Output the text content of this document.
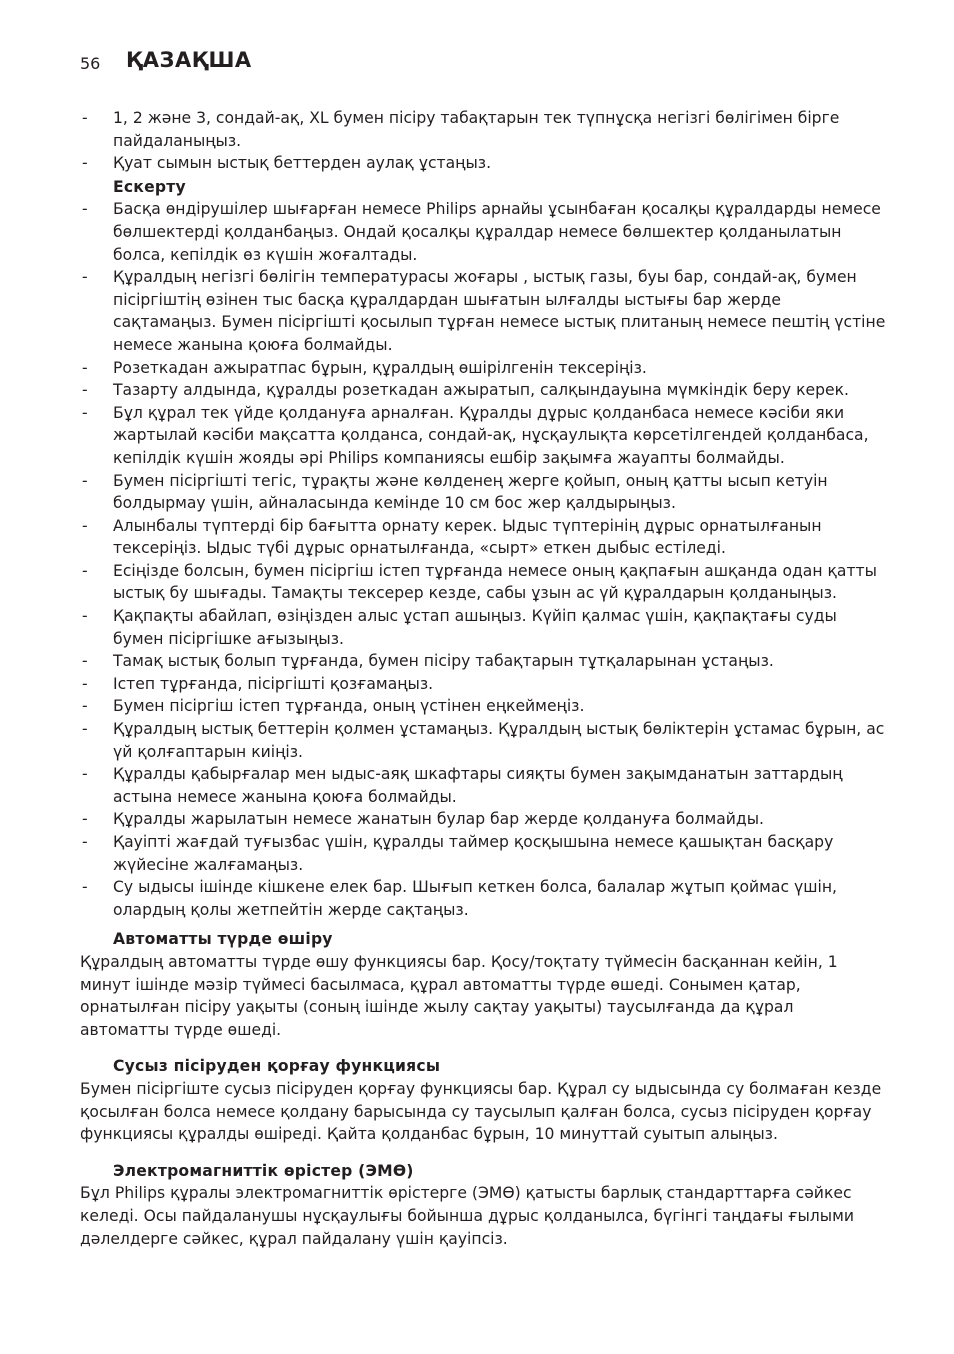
56 ҚАЗАҚША
- 1, 2 және 3, сондай-ақ, XL бумен пісіру табақтарын тек түпнұсқа негізгі бөлігімен бірге пайдаланыңыз.
- Қуат сымын ыстық беттерден аулақ ұстаңыз.
Ескерту
- Басқа өндірушілер шығарған немесе Philips арнайы ұсынбаған қосалқы құралдарды немесе бөлшектерді қолданбаңыз. Ондай қосалқы құралдар немесе бөлшектер қолданылатын болса, кепілдік өз күшін жоғалтады.
- Құралдың негізгі бөлігін температурасы жоғары , ыстық газы, буы бар, сондай-ақ, бумен пісіргіштің өзінен тыс басқа құралдардан шығатын ылғалды ыстығы бар жерде сақтамаңыз. Бумен пісіргішті қосылып тұрған немесе ыстық плитаның немесе пештің үстіне немесе жанына қоюға болмайды.
- Розеткадан ажыратпас бұрын, құралдың өшірілгенін тексеріңіз.
- Тазарту алдында, құралды розеткадан ажыратып, салқындауына мүмкіндік беру керек.
- Бұл құрал тек үйде қолдануға арналған. Құралды дұрыс қолданбаса немесе кәсіби яки жартылай кәсіби мақсатта қолданса, сондай-ақ, нұсқаулықта көрсетілгендей қолданбаса, кепілдік күшін жояды әрі Philips компаниясы ешбір зақымға жауапты болмайды.
- Бумен пісіргішті тегіс, тұрақты және көлденең жерге қойып, оның қатты ысып кетуін болдырмау үшін, айналасында кемінде 10 см бос жер қалдырыңыз.
- Алынбалы түптерді бір бағытта орнату керек. Ыдыс түптерінің дұрыс орнатылғанын тексеріңіз. Ыдыс түбі дұрыс орнатылғанда, «сырт» еткен дыбыс естіледі.
- Есіңізде болсын, бумен пісіргіш істеп тұрғанда немесе оның қақпағын ашқанда одан қатты ыстық бу шығады. Тамақты тексерер кезде, сабы ұзын ас үй құралдарын қолданыңыз.
- Қақпақты абайлап, өзіңізден алыс ұстап ашыңыз. Күйіп қалмас үшін, қақпақтағы суды бумен пісіргішке ағызыңыз.
- Тамақ ыстық болып тұрғанда, бумен пісіру табақтарын тұтқаларынан ұстаңыз.
- Істеп тұрғанда, пісіргішті қозғамаңыз.
- Бумен пісіргіш істеп тұрғанда, оның үстінен еңкеймеңіз.
- Құралдың ыстық беттерін қолмен ұстамаңыз. Құралдың ыстық бөліктерін ұстамас бұрын, ас үй қолғаптарын киіңіз.
- Құралды қабырғалар мен ыдыс-аяқ шкафтары сияқты бумен зақымданатын заттардың астына немесе жанына қоюға болмайды.
- Құралды жарылатын немесе жанатын булар бар жерде қолдануға болмайды.
- Қауіпті жағдай туғызбас үшін, құралды таймер қосқышына немесе қашықтан басқару жүйесіне жалғамаңыз.
- Су ыдысы ішінде кішкене елек бар. Шығып кеткен болса, балалар жұтып қоймас үшін, олардың қолы жетпейтін жерде сақтаңыз.
Автоматты түрде өшіру

Құралдың автоматты түрде өшу функциясы бар. Қосу/тоқтату түймесін басқаннан кейін, 1 минут ішінде мәзір түймесі басылмаса, құрал автоматты түрде өшеді. Сонымен қатар, орнатылған пісіру уақыты (соның ішінде жылу сақтау уақыты) таусылғанда да құрал автоматты түрде өшеді.

Сусыз пісіруден қорғау функциясы

Бумен пісіргіште сусыз пісіруден қорғау функциясы бар. Құрал су ыдысында су болмаған кезде қосылған болса немесе қолдану барысында су таусылып қалған болса, сусыз пісіруден қорғау функциясы құралды өшіреді. Қайта қолданбас бұрын, 10 минуттай суытып алыңыз.

Электромагниттік өрістер (ЭМӨ)

Бұл Philips құралы электромагниттік өрістерге (ЭМӨ) қатысты барлық стандарттарға сәйкес келеді. Осы пайдаланушы нұсқаулығы бойынша дұрыс қолданылса, бүгінгі таңдағы ғылыми дәлелдерге сәйкес, құрал пайдалану үшін қауіпсіз.
